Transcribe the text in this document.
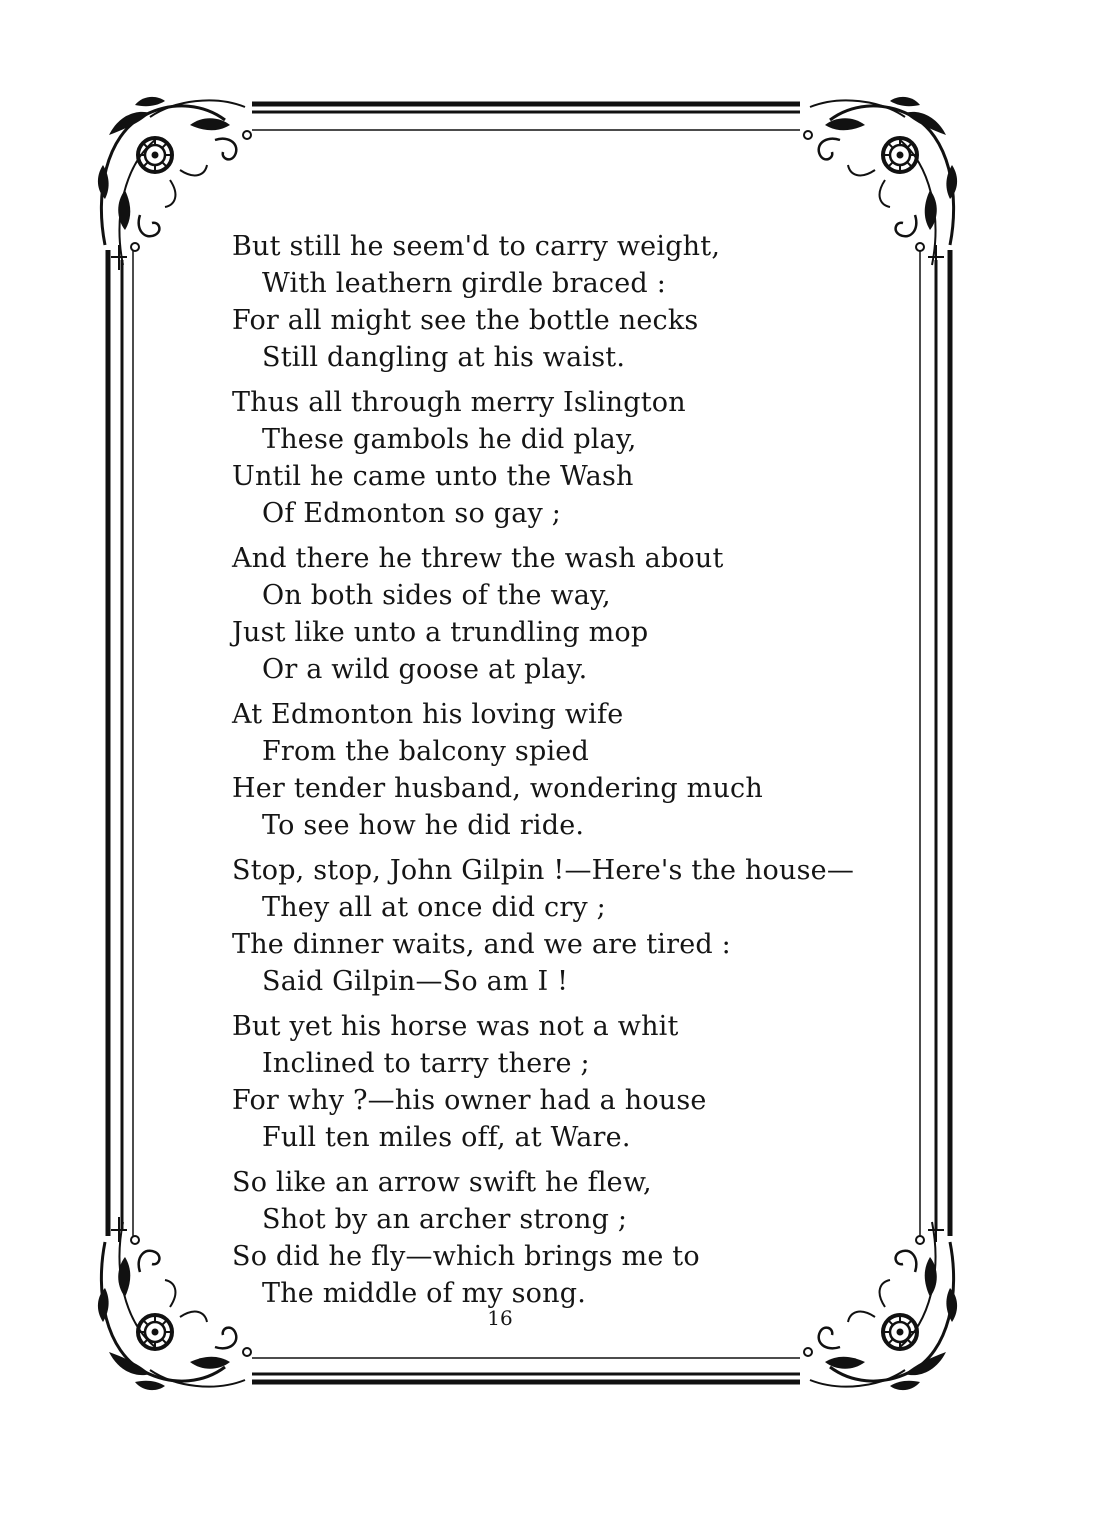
But still he seem'd to carry weight,
With leathern girdle braced :
For all might see the bottle necks
Still dangling at his waist.
Thus all through merry Islington
These gambols he did play,
Until he came unto the Wash
Of Edmonton so gay ;
And there he threw the wash about
On both sides of the way,
Just like unto a trundling mop
Or a wild goose at play.
At Edmonton his loving wife
From the balcony spied
Her tender husband, wondering much
To see how he did ride.
Stop, stop, John Gilpin !—Here's the house—
They all at once did cry ;
The dinner waits, and we are tired :
Said Gilpin—So am I !
But yet his horse was not a whit
Inclined to tarry there ;
For why ?—his owner had a house
Full ten miles off, at Ware.
So like an arrow swift he flew,
Shot by an archer strong ;
So did he fly—which brings me to
The middle of my song.
16
